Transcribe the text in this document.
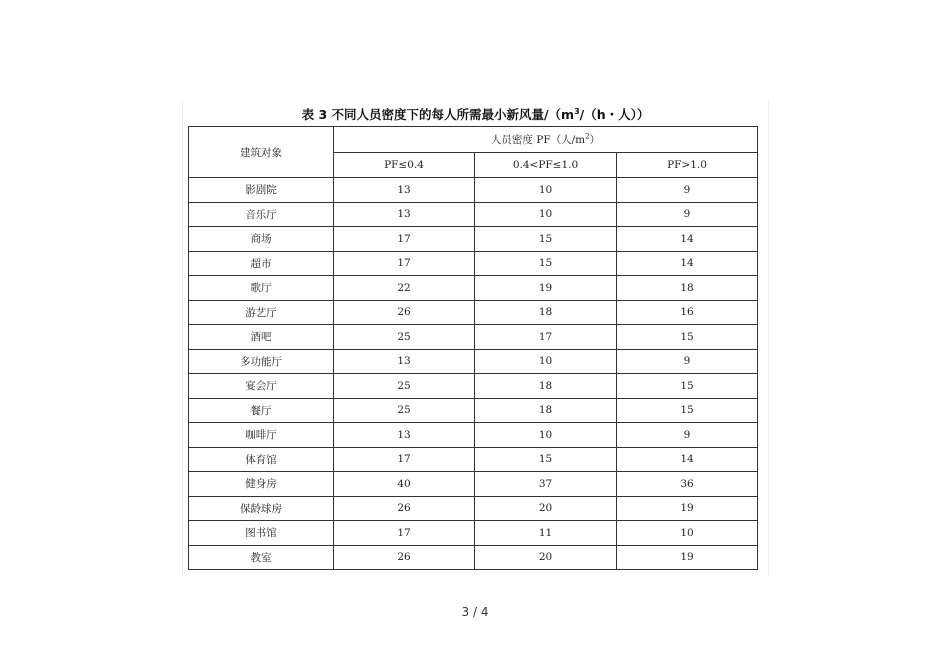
表 3 不同人员密度下的每人所需最小新风量$/(m^3/(h$・人））
建筑对象	人员密度 PF（人$/m^2$）		
	PF≤0.4	0.4<PF≤1.0	PF>1.0
影剧院	13	10	9
音乐厅	13	10	9
商场	17	15	14
超市	17	15	14
歌厅	22	19	18
游艺厅	26	18	16
酒吧	25	17	15
多功能厅	13	10	9
宴会厅	25	18	15
餐厅	25	18	15
咖啡厅	13	10	9
体育馆	17	15	14
健身房	40	37	36
保龄球房	26	20	19
图书馆	17	11	10
教室	26	20	19
3 / 4
